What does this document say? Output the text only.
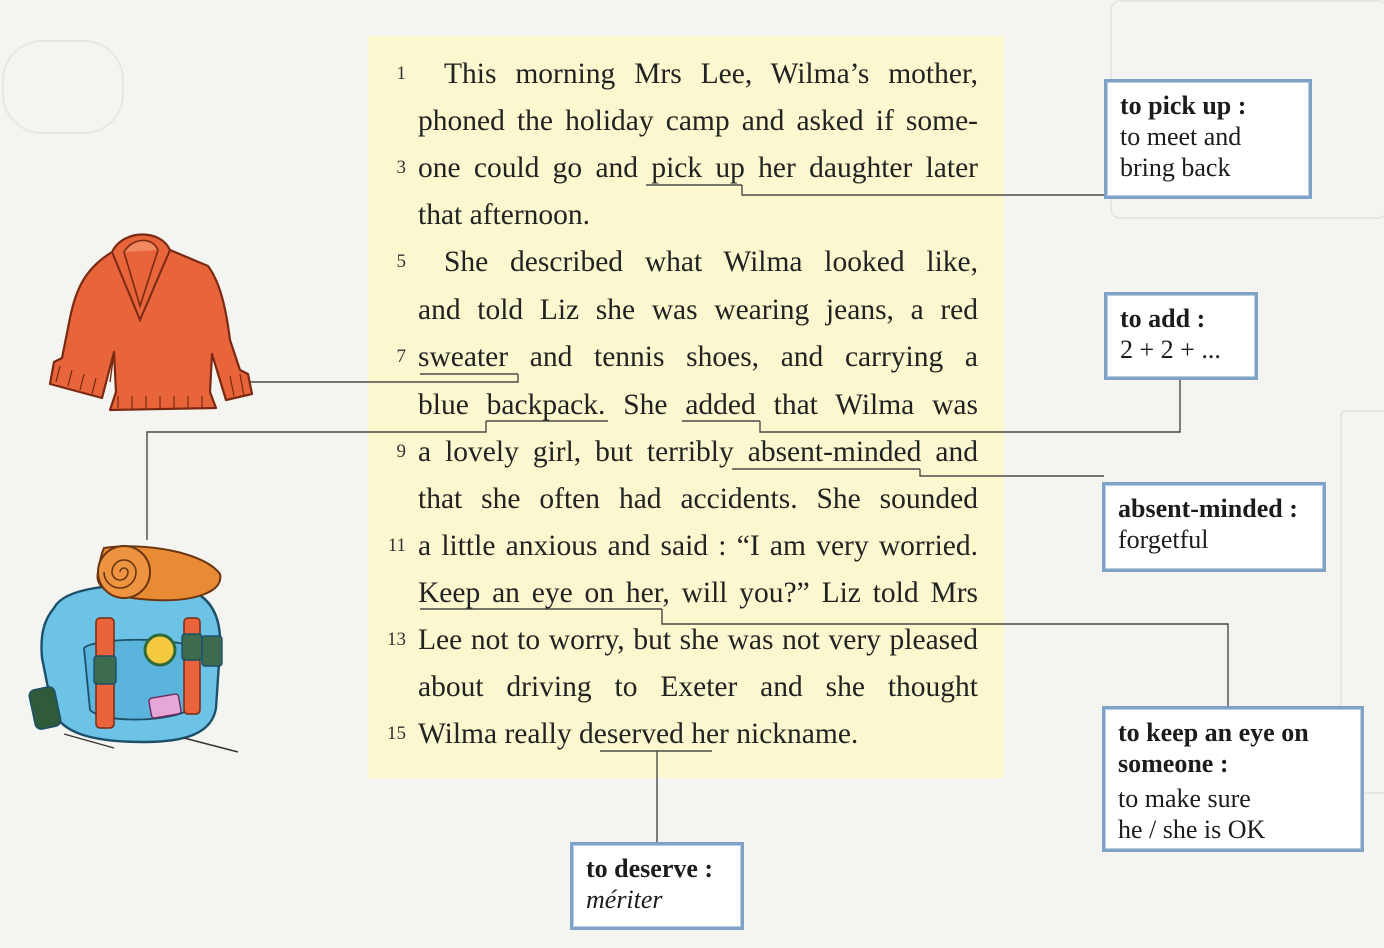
1
3
5
7
9
11
13
15
This morning Mrs Lee, Wilma’s mother,
phoned the holiday camp and asked if some-
one could go and pick up her daughter later
that afternoon.
She described what Wilma looked like,
and told Liz she was wearing jeans, a red
sweater and tennis shoes, and carrying a
blue backpack. She added that Wilma was
a lovely girl, but terribly absent-minded and
that she often had accidents. She sounded
a little anxious and said : “I am very worried.
Keep an eye on her, will you?” Liz told Mrs
Lee not to worry, but she was not very pleased
about driving to Exeter and she thought
Wilma really deserved her nickname.
to pick up :
to meet and
bring back
to add :
2 + 2 + ...
absent-minded :
forgetful
to keep an eye on
someone :
to make sure
he / she is OK
to deserve :
mériter
